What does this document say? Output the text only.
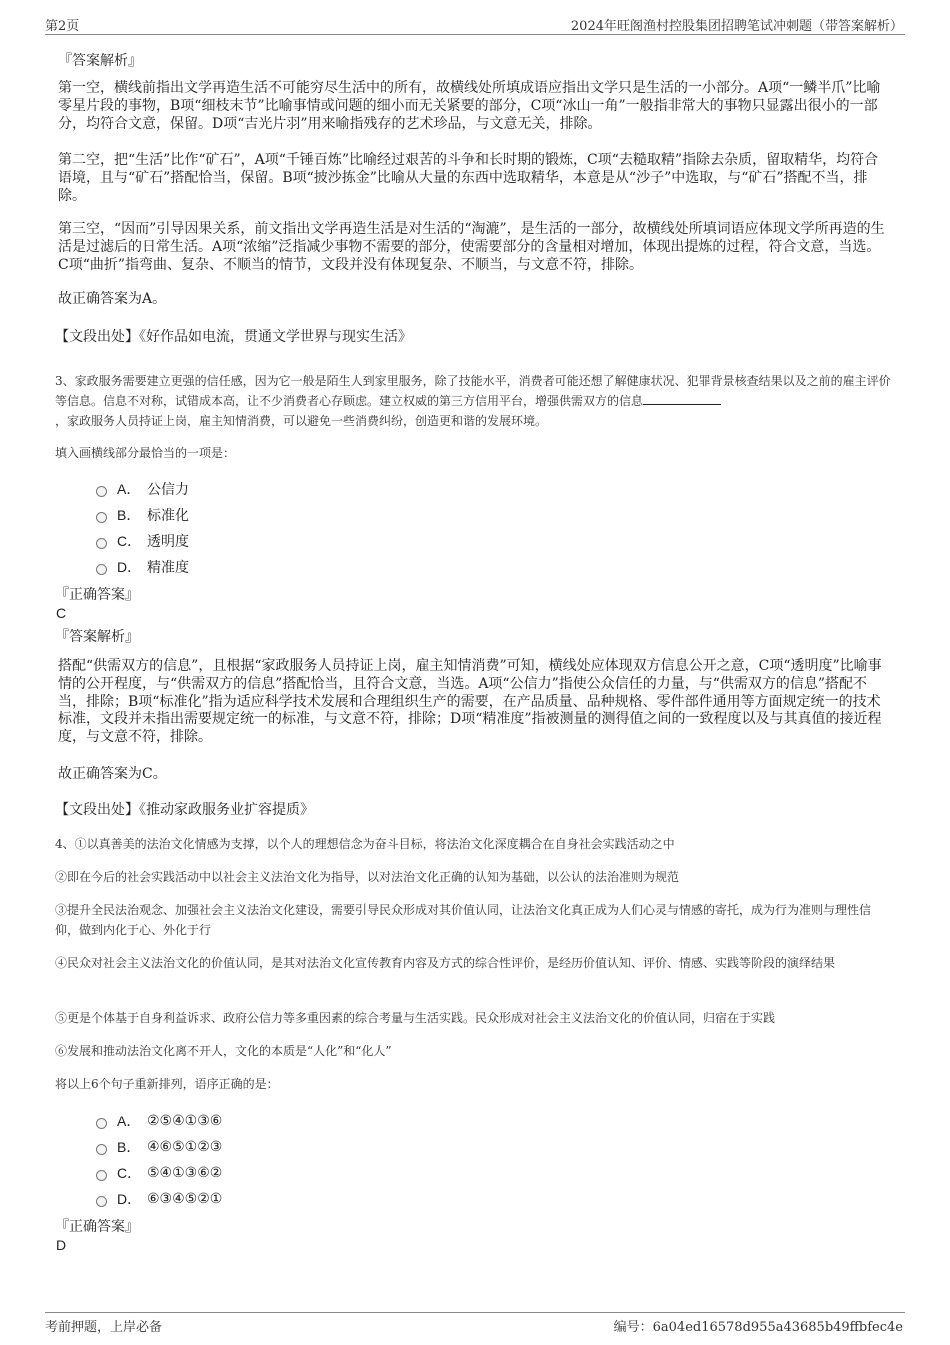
第2页	2024年旺阁渔村控股集团招聘笔试冲刺题（带答案解析）
『答案解析』
第一空，横线前指出文学再造生活不可能穷尽生活中的所有，故横线处所填成语应指出文学只是生活的一小部分。A项“一鳞半爪”比喻零星片段的事物，B项“细枝末节”比喻事情或问题的细小而无关紧要的部分，C项“冰山一角”一般指非常大的事物只显露出很小的一部分，均符合文意，保留。D项“吉光片羽”用来喻指残存的艺术珍品，与文意无关，排除。
第二空，把“生活”比作“矿石”，A项“千锤百炼”比喻经过艰苦的斗争和长时期的锻炼，C项“去糙取精”指除去杂质，留取精华，均符合语境，且与“矿石”搭配恰当，保留。B项“披沙拣金”比喻从大量的东西中选取精华，本意是从“沙子”中选取，与“矿石”搭配不当，排除。
第三空，“因而”引导因果关系，前文指出文学再造生活是对生活的“淘漉”，是生活的一部分，故横线处所填词语应体现文学所再造的生活是过滤后的日常生活。A项“浓缩”泛指减少事物不需要的部分，使需要部分的含量相对增加，体现出提炼的过程，符合文意，当选。C项“曲折”指弯曲、复杂、不顺当的情节，文段并没有体现复杂、不顺当，与文意不符，排除。
故正确答案为A。
【文段出处】《好作品如电流，贯通文学世界与现实生活》
3、家政服务需要建立更强的信任感，因为它一般是陌生人到家里服务，除了技能水平，消费者可能还想了解健康状况、犯罪背景核查结果以及之前的雇主评价等信息。信息不对称，试错成本高，让不少消费者心存顾虑。建立权威的第三方信用平台，增强供需双方的信息
，家政服务人员持证上岗，雇主知情消费，可以避免一些消费纠纷，创造更和谐的发展环境。
填入画横线部分最恰当的一项是：
A． 公信力
B． 标准化
C． 透明度
D． 精准度
『正确答案』
C
『答案解析』
搭配“供需双方的信息”，且根据“家政服务人员持证上岗，雇主知情消费”可知，横线处应体现双方信息公开之意，C项“透明度”比喻事情的公开程度，与“供需双方的信息”搭配恰当，且符合文意，当选。A项“公信力”指使公众信任的力量，与“供需双方的信息”搭配不当，排除；B项“标准化”指为适应科学技术发展和合理组织生产的需要，在产品质量、品种规格、零件部件通用等方面规定统一的技术标准，文段并未指出需要规定统一的标准，与文意不符，排除；D项“精准度”指被测量的测得值之间的一致程度以及与其真值的接近程度，与文意不符，排除。
故正确答案为C。
【文段出处】《推动家政服务业扩容提质》
4、①以真善美的法治文化情感为支撑，以个人的理想信念为奋斗目标，将法治文化深度耦合在自身社会实践活动之中
②即在今后的社会实践活动中以社会主义法治文化为指导，以对法治文化正确的认知为基础，以公认的法治准则为规范
③提升全民法治观念、加强社会主义法治文化建设，需要引导民众形成对其价值认同，让法治文化真正成为人们心灵与情感的寄托，成为行为准则与理性信仰，做到内化于心、外化于行
④民众对社会主义法治文化的价值认同，是其对法治文化宣传教育内容及方式的综合性评价，是经历价值认知、评价、情感、实践等阶段的演绎结果
⑤更是个体基于自身利益诉求、政府公信力等多重因素的综合考量与生活实践。民众形成对社会主义法治文化的价值认同，归宿在于实践
⑥发展和推动法治文化离不开人，文化的本质是“人化”和“化人”
将以上6个句子重新排列，语序正确的是：
A． ②⑤④①③⑥
B． ④⑥⑤①②③
C． ⑤④①③⑥②
D． ⑥③④⑤②①
『正确答案』
D
考前押题，上岸必备	编号：6a04ed16578d955a43685b49ffbfec4e
